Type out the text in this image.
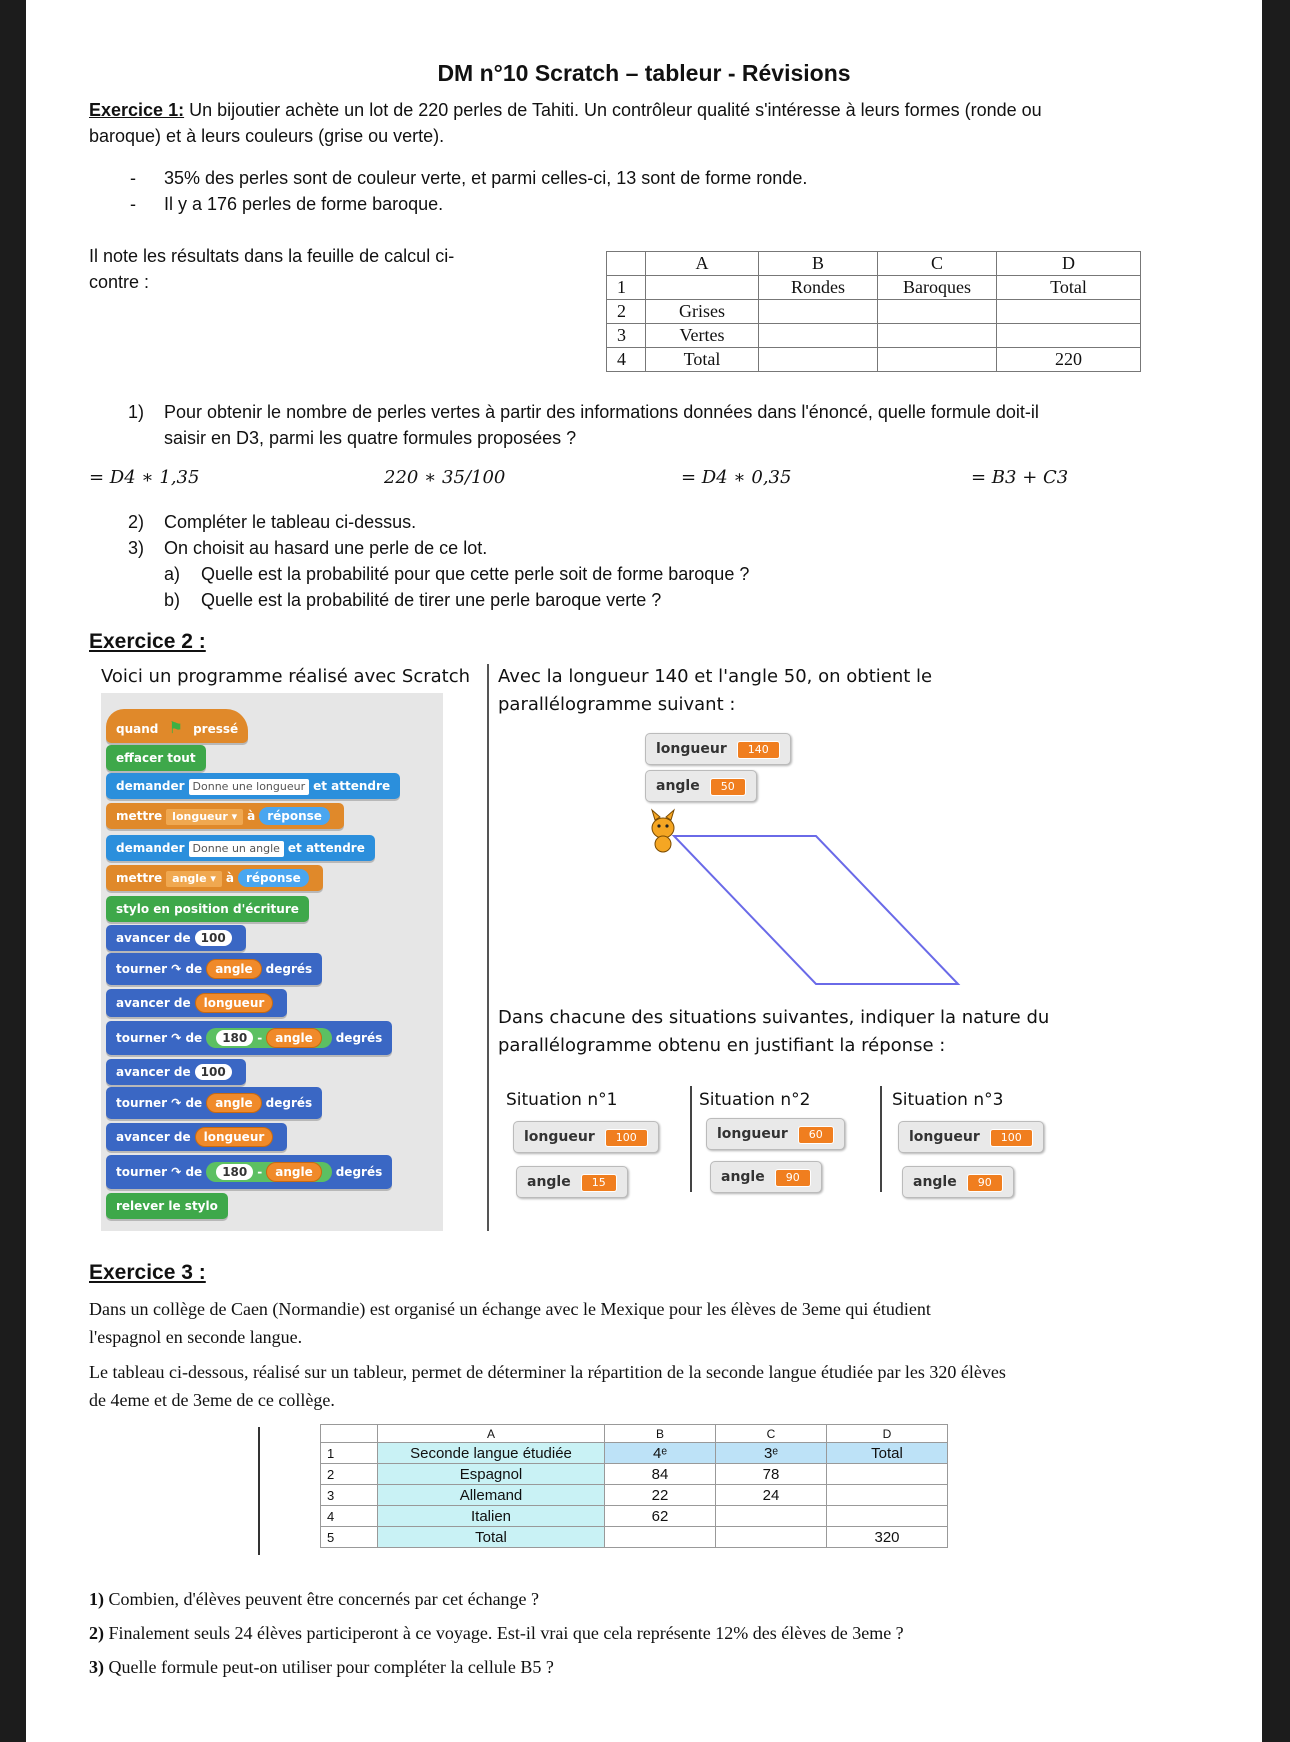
DM n°10 Scratch – tableur - Révisions
Exercice 1: Un bijoutier achète un lot de 220 perles de Tahiti. Un contrôleur qualité s'intéresse à leurs formes (ronde ou
baroque) et à leurs couleurs (grise ou verte).
- 35% des perles sont de couleur verte, et parmi celles-ci, 13 sont de forme ronde.
- Il y a 176 perles de forme baroque.
Il note les résultats dans la feuille de calcul ci-
contre :
	A	B	C	D
1		Rondes	Baroques	Total
2	Grises			
3	Vertes			
4	Total			220
1) Pour obtenir le nombre de perles vertes à partir des informations données dans l'énoncé, quelle formule doit-il
saisir en D3, parmi les quatre formules proposées ?
= D4 ∗ 1,35	220 ∗ 35/100	= D4 ∗ 0,35	= B3 + C3
2) Compléter le tableau ci-dessus.
3) On choisit au hasard une perle de ce lot.
a) Quelle est la probabilité pour que cette perle soit de forme baroque ?
b) Quelle est la probabilité de tirer une perle baroque verte ?
Exercice 2 :
Voici un programme réalisé avec Scratch Avec la longueur 140 et l'angle 50, on obtient le
parallélogramme suivant :
quand ⚑ pressé
effacer tout
demander Donne une longueur et attendre
mettre longueur ▾ à réponse
demander Donne un angle et attendre
mettre angle ▾ à réponse
stylo en position d'écriture
avancer de 100
tourner ↷ de angle degrés
avancer de longueur
tourner ↷ de 180 - angle degrés
avancer de 100
tourner ↷ de angle degrés
avancer de longueur
tourner ↷ de 180 - angle degrés
relever le stylo
longueur 140
angle 50
Dans chacune des situations suivantes, indiquer la nature du
parallélogramme obtenu en justifiant la réponse :
Situation n°1	Situation n°2	Situation n°3
longueur 100
angle 15
longueur 60
angle 90
longueur 100
angle 90
Exercice 3 :
Dans un collège de Caen (Normandie) est organisé un échange avec le Mexique pour les élèves de 3eme qui étudient
l'espagnol en seconde langue.
Le tableau ci-dessous, réalisé sur un tableur, permet de déterminer la répartition de la seconde langue étudiée par les 320 élèves
de 4eme et de 3eme de ce collège.
	A	B	C	D
1	Seconde langue étudiée	4ᵉ	3ᵉ	Total
2	Espagnol	84	78	
3	Allemand	22	24	
4	Italien	62		
5	Total			320
1) Combien, d'élèves peuvent être concernés par cet échange ?
2) Finalement seuls 24 élèves participeront à ce voyage. Est-il vrai que cela représente 12% des élèves de 3eme ?
3) Quelle formule peut-on utiliser pour compléter la cellule B5 ?
